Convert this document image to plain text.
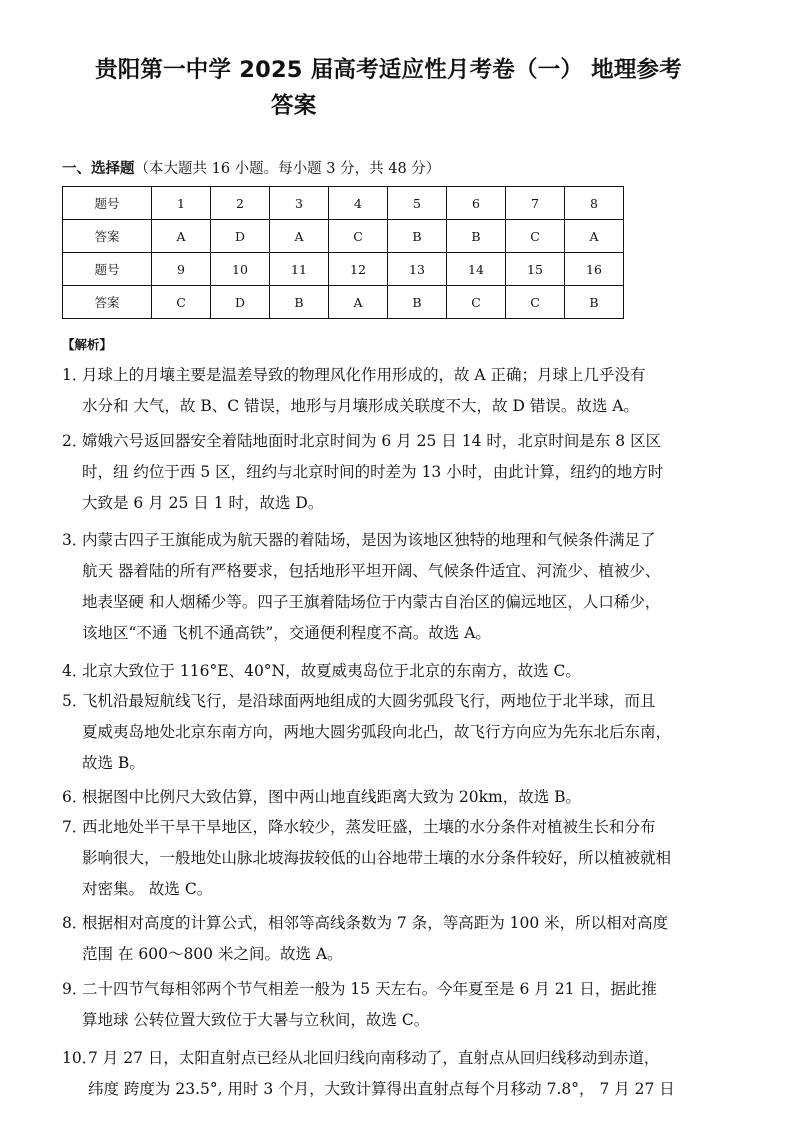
贵阳第一中学 2025 届高考适应性月考卷（一） 地理参考
答案
一、选择题（本大题共 16 小题。每小题 3 分，共 48 分）
题号	1	2	3	4	5	6	7	8
答案	A	D	A	C	B	B	C	A
题号	9	10	11	12	13	14	15	16
答案	C	D	B	A	B	C	C	B
【解析】
1．
月球上的月壤主要是温差导致的物理风化作用形成的，故 A 正确；月球上几乎没有
水分和 大气，故 B、C 错误，地形与月壤形成关联度不大，故 D 错误。故选 A。
2．
嫦娥六号返回器安全着陆地面时北京时间为 6 月 25 日 14 时，北京时间是东 8 区区
时，纽 约位于西 5 区，纽约与北京时间的时差为 13 小时，由此计算，纽约的地方时
大致是 6 月 25 日 1 时，故选 D。
3．
内蒙古四子王旗能成为航天器的着陆场，是因为该地区独特的地理和气候条件满足了
航天 器着陆的所有严格要求，包括地形平坦开阔、气候条件适宜、河流少、植被少、
地表坚硬 和人烟稀少等。四子王旗着陆场位于内蒙古自治区的偏远地区，人口稀少，
该地区“不通 飞机不通高铁”，交通便利程度不高。故选 A。
4．
北京大致位于 116°E、40°N，故夏威夷岛位于北京的东南方，故选 C。
5．
飞机沿最短航线飞行，是沿球面两地组成的大圆劣弧段飞行，两地位于北半球，而且
夏威夷岛地处北京东南方向，两地大圆劣弧段向北凸，故飞行方向应为先东北后东南，
故选 B。
6．
根据图中比例尺大致估算，图中两山地直线距离大致为 20km，故选 B。
7．
西北地处半干旱干旱地区，降水较少，蒸发旺盛，土壤的水分条件对植被生长和分布
影响很大，一般地处山脉北坡海拔较低的山谷地带土壤的水分条件较好，所以植被就相
对密集。 故选 C。
8．
根据相对高度的计算公式，相邻等高线条数为 7 条，等高距为 100 米，所以相对高度
范围 在 600～800 米之间。故选 A。
9．
二十四节气每相邻两个节气相差一般为 15 天左右。今年夏至是 6 月 21 日，据此推
算地球 公转位置大致位于大暑与立秋间，故选 C。
10．
7 月 27 日，太阳直射点已经从北回归线向南移动了，直射点从回归线移动到赤道，
纬度 跨度为 23.5°, 用时 3 个月，大致计算得出直射点每个月移动 7.8°， 7 月 27 日
